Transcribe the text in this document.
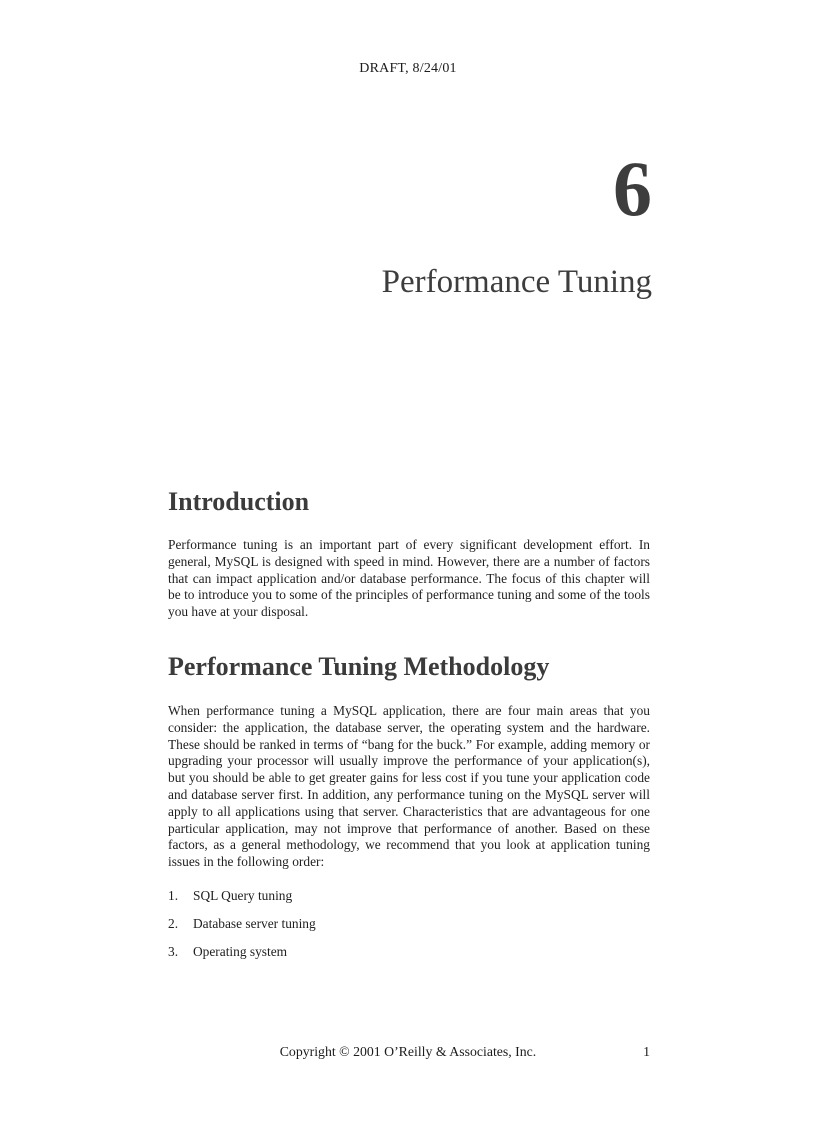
DRAFT, 8/24/01
6
Performance Tuning
Introduction

Performance tuning is an important part of every significant development effort. In general, MySQL is designed with speed in mind. However, there are a number of factors that can impact application and/or database performance. The focus of this chapter will be to introduce you to some of the principles of performance tuning and some of the tools you have at your disposal.

Performance Tuning Methodology

When performance tuning a MySQL application, there are four main areas that you consider: the application, the database server, the operating system and the hardware. These should be ranked in terms of “bang for the buck.” For example, adding memory or upgrading your processor will usually improve the performance of your application(s), but you should be able to get greater gains for less cost if you tune your application code and database server first. In addition, any performance tuning on the MySQL server will apply to all applications using that server. Characteristics that are advantageous for one particular application, may not improve that performance of another. Based on these factors, as a general methodology, we recommend that you look at application tuning issues in the following order:

1.	SQL Query tuning
2.	Database server tuning
3.	Operating system
Copyright © 2001 O’Reilly & Associates, Inc.	1
